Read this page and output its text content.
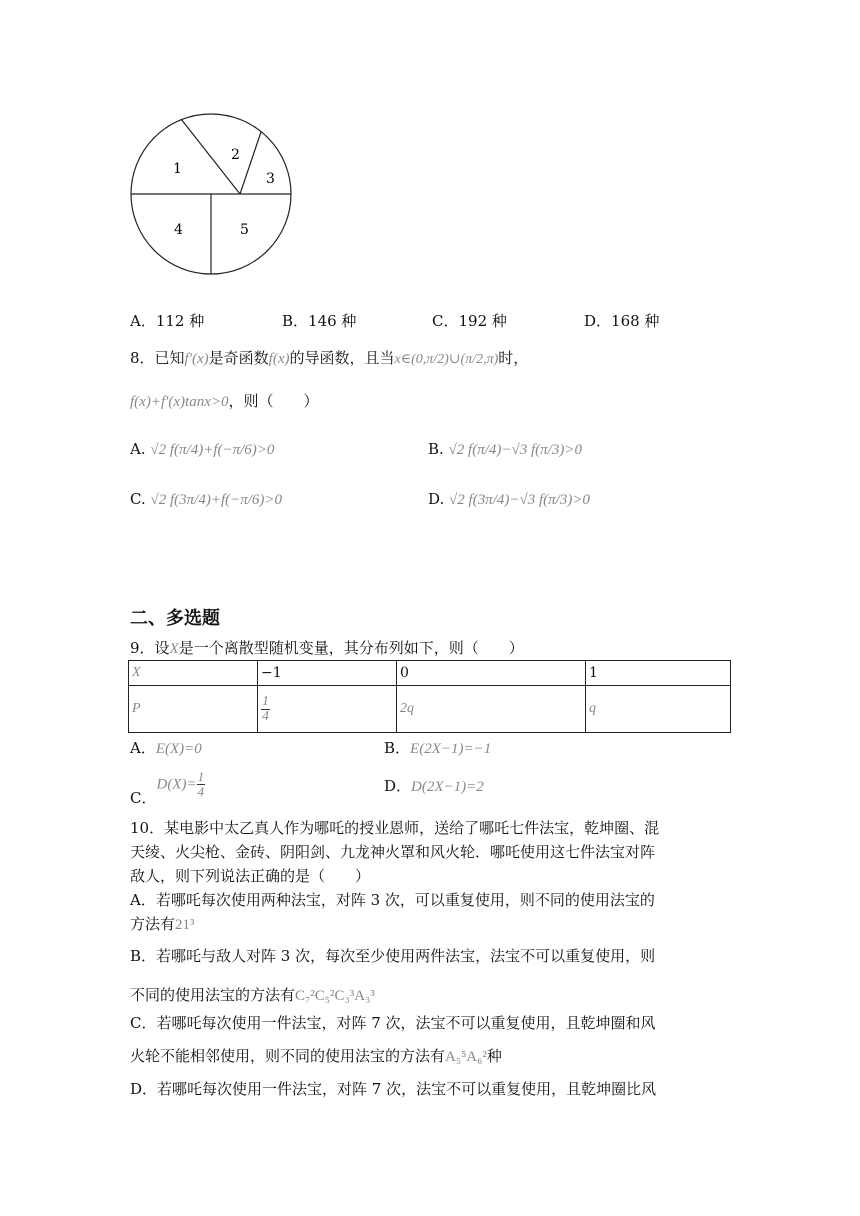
1
2
3
4	5
A．112 种	B．146 种	C．192 种	D．168 种
8．已知f′(x)是奇函数f(x)的导函数，且当x∈(0,π/2)∪(π/2,π)时，
f(x)+f′(x)tanx>0，则（　　）
A. √2 f(π/4)+f(−π/6)>0	B. √2 f(π/4)−√3 f(π/3)>0
C. √2 f(3π/4)+f(−π/6)>0	D. √2 f(3π/4)−√3 f(π/3)>0
二、多选题
9．设X是一个离散型随机变量，其分布列如下，则（　　）
X	−1	0	1
P	$\frac{1}{4}$	2q	q
A．E(X)=0	B．E(2X−1)=−1
C．$D(X)= \frac{1}{4}$	D．D(2X−1)=2
10．某电影中太乙真人作为哪吒的授业恩师，送给了哪吒七件法宝，乾坤圈、混
天绫、火尖枪、金砖、阴阳剑、九龙神火罩和风火轮．哪吒使用这七件法宝对阵
敌人，则下列说法正确的是（　　）
A．若哪吒每次使用两种法宝，对阵 3 次，可以重复使用，则不同的使用法宝的
方法有21³
B．若哪吒与敌人对阵 3 次，每次至少使用两件法宝，法宝不可以重复使用，则
不同的使用法宝的方法有C₇²C₅²C₃³A₃³
C．若哪吒每次使用一件法宝，对阵 7 次，法宝不可以重复使用，且乾坤圈和风
火轮不能相邻使用，则不同的使用法宝的方法有A₅⁵A₆²种
D．若哪吒每次使用一件法宝，对阵 7 次，法宝不可以重复使用，且乾坤圈比风
